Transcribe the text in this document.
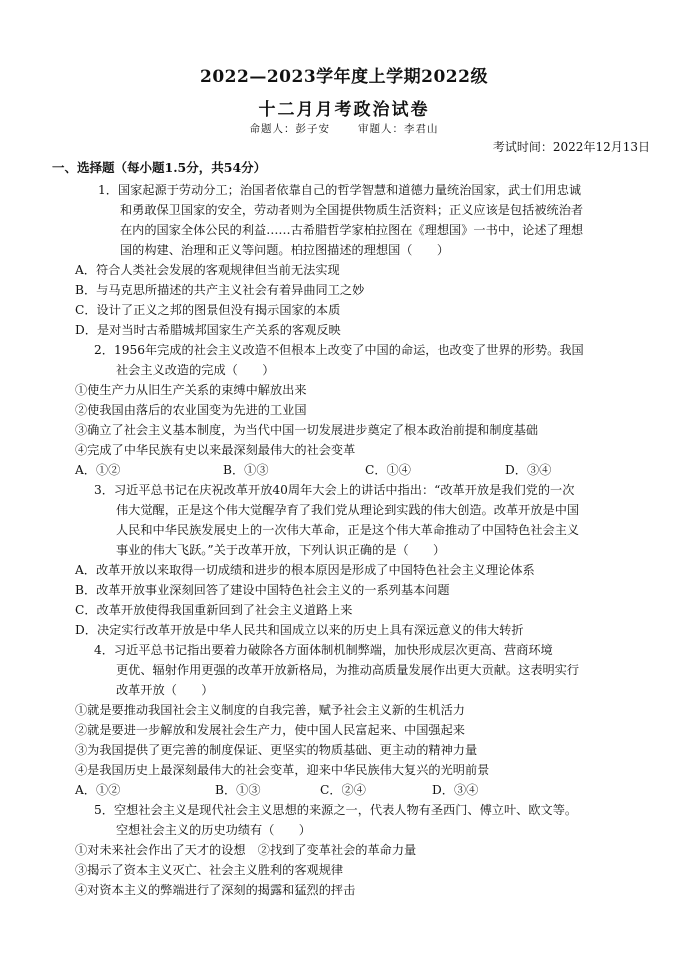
2022—2023学年度上学期2022级
十二月月考政治试卷
命题人：彭子安	审题人：李君山
考试时间：2022年12月13日
一、选择题（每小题1.5分，共54分）
1．国家起源于劳动分工；治国者依靠自己的哲学智慧和道德力量统治国家，武士们用忠诚
和勇敢保卫国家的安全，劳动者则为全国提供物质生活资料；正义应该是包括被统治者
在内的国家全体公民的利益……古希腊哲学家柏拉图在《理想国》一书中，论述了理想
国的构建、治理和正义等问题。柏拉图描述的理想国（　　）
A．符合人类社会发展的客观规律但当前无法实现
B．与马克思所描述的共产主义社会有着异曲同工之妙
C．设计了正义之邦的图景但没有揭示国家的本质
D．是对当时古希腊城邦国家生产关系的客观反映
2．1956年完成的社会主义改造不但根本上改变了中国的命运，也改变了世界的形势。我国
社会主义改造的完成（　　）
①使生产力从旧生产关系的束缚中解放出来
②使我国由落后的农业国变为先进的工业国
③确立了社会主义基本制度，为当代中国一切发展进步奠定了根本政治前提和制度基础
④完成了中华民族有史以来最深刻最伟大的社会变革
A．①②	B．①③	C．①④	D．③④
3．习近平总书记在庆祝改革开放40周年大会上的讲话中指出：“改革开放是我们党的一次
伟大觉醒，正是这个伟大觉醒孕育了我们党从理论到实践的伟大创造。改革开放是中国
人民和中华民族发展史上的一次伟大革命，正是这个伟大革命推动了中国特色社会主义
事业的伟大飞跃。”关于改革开放，下列认识正确的是（　　）
A．改革开放以来取得一切成绩和进步的根本原因是形成了中国特色社会主义理论体系
B．改革开放事业深刻回答了建设中国特色社会主义的一系列基本问题
C．改革开放使得我国重新回到了社会主义道路上来
D．决定实行改革开放是中华人民共和国成立以来的历史上具有深远意义的伟大转折
4．习近平总书记指出要着力破除各方面体制机制弊端，加快形成层次更高、营商环境
更优、辐射作用更强的改革开放新格局，为推动高质量发展作出更大贡献。这表明实行
改革开放（　　）
①就是要推动我国社会主义制度的自我完善，赋予社会主义新的生机活力
②就是要进一步解放和发展社会生产力，使中国人民富起来、中国强起来
③为我国提供了更完善的制度保证、更坚实的物质基础、更主动的精神力量
④是我国历史上最深刻最伟大的社会变革，迎来中华民族伟大复兴的光明前景
A．①②	B．①③	C．②④	D．③④
5．空想社会主义是现代社会主义思想的来源之一，代表人物有圣西门、傅立叶、欧文等。
空想社会主义的历史功绩有（　　）
①对未来社会作出了天才的设想　②找到了变革社会的革命力量
③揭示了资本主义灭亡、社会主义胜利的客观规律
④对资本主义的弊端进行了深刻的揭露和猛烈的抨击
